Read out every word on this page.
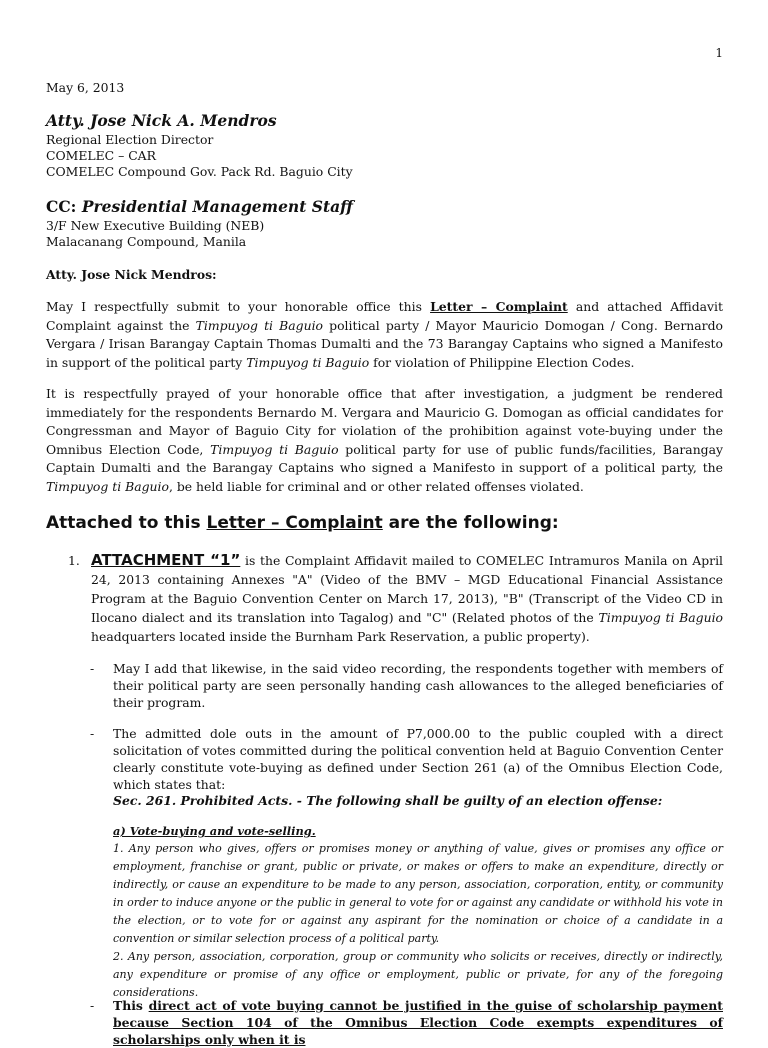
1
May 6, 2013
Atty. Jose Nick A. Mendros
Regional Election Director
COMELEC – CAR
COMELEC Compound Gov. Pack Rd. Baguio City
CC: Presidential Management Staff
3/F New Executive Building (NEB)
Malacanang Compound, Manila
Atty. Jose Nick Mendros:
May I respectfully submit to your honorable office this Letter – Complaint and attached Affidavit Complaint against the Timpuyog ti Baguio political party / Mayor Mauricio Domogan / Cong. Bernardo Vergara / Irisan Barangay Captain Thomas Dumalti and the 73 Barangay Captains who signed a Manifesto in support of the political party Timpuyog ti Baguio for violation of Philippine Election Codes.
It is respectfully prayed of your honorable office that after investigation, a judgment be rendered immediately for the respondents Bernardo M. Vergara and Mauricio G. Domogan as official candidates for Congressman and Mayor of Baguio City for violation of the prohibition against vote-buying under the Omnibus Election Code, Timpuyog ti Baguio political party for use of public funds/facilities, Barangay Captain Dumalti and the Barangay Captains who signed a Manifesto in support of a political party, the Timpuyog ti Baguio, be held liable for criminal and or other related offenses violated.
Attached to this Letter – Complaint are the following:
1. ATTACHMENT “1” is the Complaint Affidavit mailed to COMELEC Intramuros Manila on April 24, 2013 containing Annexes "A" (Video of the BMV – MGD Educational Financial Assistance Program at the Baguio Convention Center on March 17, 2013), "B" (Transcript of the Video CD in Ilocano dialect and its translation into Tagalog) and "C" (Related photos of the Timpuyog ti Baguio headquarters located inside the Burnham Park Reservation, a public property).
- May I add that likewise, in the said video recording, the respondents together with members of their political party are seen personally handing cash allowances to the alleged beneficiaries of their program.
- The admitted dole outs in the amount of P7,000.00 to the public coupled with a direct solicitation of votes committed during the political convention held at Baguio Convention Center clearly constitute vote-buying as defined under Section 261 (a) of the Omnibus Election Code, which states that:
Sec. 261. Prohibited Acts. - The following shall be guilty of an election offense:
a) Vote-buying and vote-selling.
1. Any person who gives, offers or promises money or anything of value, gives or promises any office or employment, franchise or grant, public or private, or makes or offers to make an expenditure, directly or indirectly, or cause an expenditure to be made to any person, association, corporation, entity, or community in order to induce anyone or the public in general to vote for or against any candidate or withhold his vote in the election, or to vote for or against any aspirant for the nomination or choice of a candidate in a convention or similar selection process of a political party.
2. Any person, association, corporation, group or community who solicits or receives, directly or indirectly, any expenditure or promise of any office or employment, public or private, for any of the foregoing considerations.
- This direct act of vote buying cannot be justified in the guise of scholarship payment because Section 104 of the Omnibus Election Code exempts expenditures of scholarships only when it is
